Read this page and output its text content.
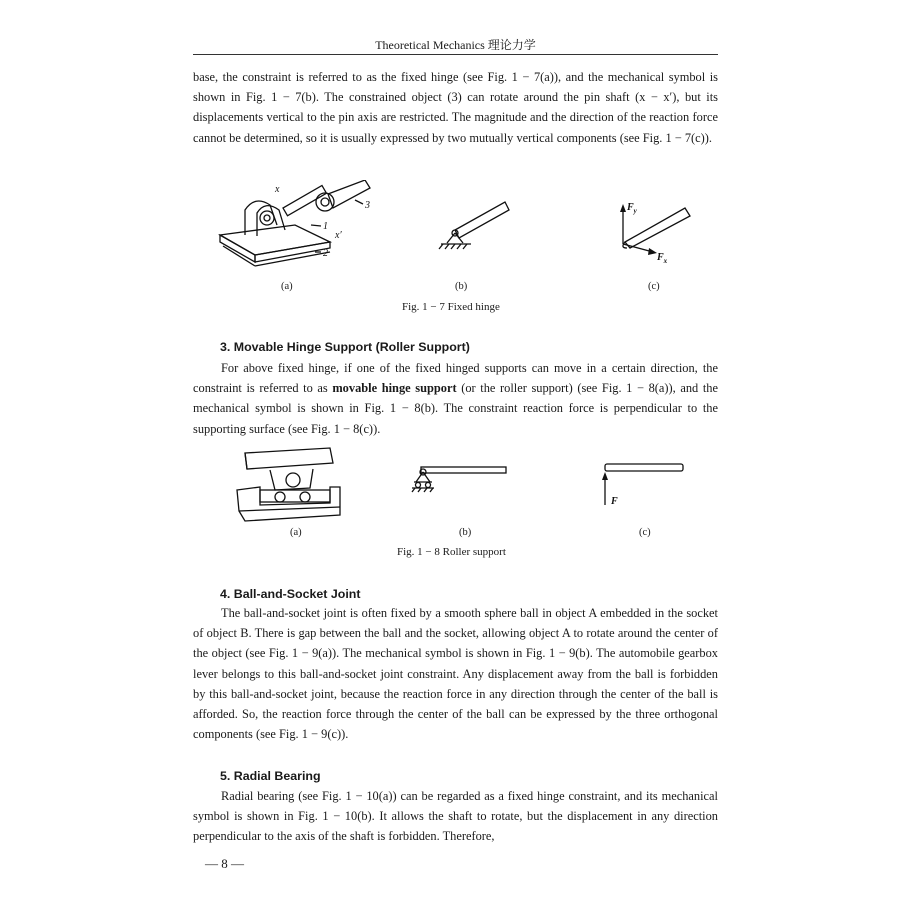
Theoretical Mechanics 理论力学
base, the constraint is referred to as the fixed hinge (see Fig. 1 − 7(a)), and the mechanical symbol is shown in Fig. 1 − 7(b). The constrained object (3) can rotate around the pin shaft (x − x′), but its displacements vertical to the pin axis are restricted. The magnitude and the direction of the reaction force cannot be determined, so it is usually expressed by two mutually vertical components (see Fig. 1 − 7(c)).
x
x′
1
2
3	$F_y$
$F_x$
(a)	(b)	(c)
Fig. 1 − 7 Fixed hinge
3. Movable Hinge Support (Roller Support)
For above fixed hinge, if one of the fixed hinged supports can move in a certain direction, the constraint is referred to as movable hinge support (or the roller support) (see Fig. 1 − 8(a)), and the mechanical symbol is shown in Fig. 1 − 8(b). The constraint reaction force is perpendicular to the supporting surface (see Fig. 1 − 8(c)).
F
(a)	(b)	(c)
Fig. 1 − 8 Roller support
4. Ball-and-Socket Joint
The ball-and-socket joint is often fixed by a smooth sphere ball in object A embedded in the socket of object B. There is gap between the ball and the socket, allowing object A to rotate around the center of the object (see Fig. 1 − 9(a)). The mechanical symbol is shown in Fig. 1 − 9(b). The automobile gearbox lever belongs to this ball-and-socket joint constraint. Any displacement away from the ball is forbidden by this ball-and-socket joint, because the reaction force in any direction through the center of the ball is afforded. So, the reaction force through the center of the ball can be expressed by the three orthogonal components (see Fig. 1 − 9(c)).
5. Radial Bearing
Radial bearing (see Fig. 1 − 10(a)) can be regarded as a fixed hinge constraint, and its mechanical symbol is shown in Fig. 1 − 10(b). It allows the shaft to rotate, but the displacement in any direction perpendicular to the axis of the shaft is forbidden. Therefore,
— 8 —
